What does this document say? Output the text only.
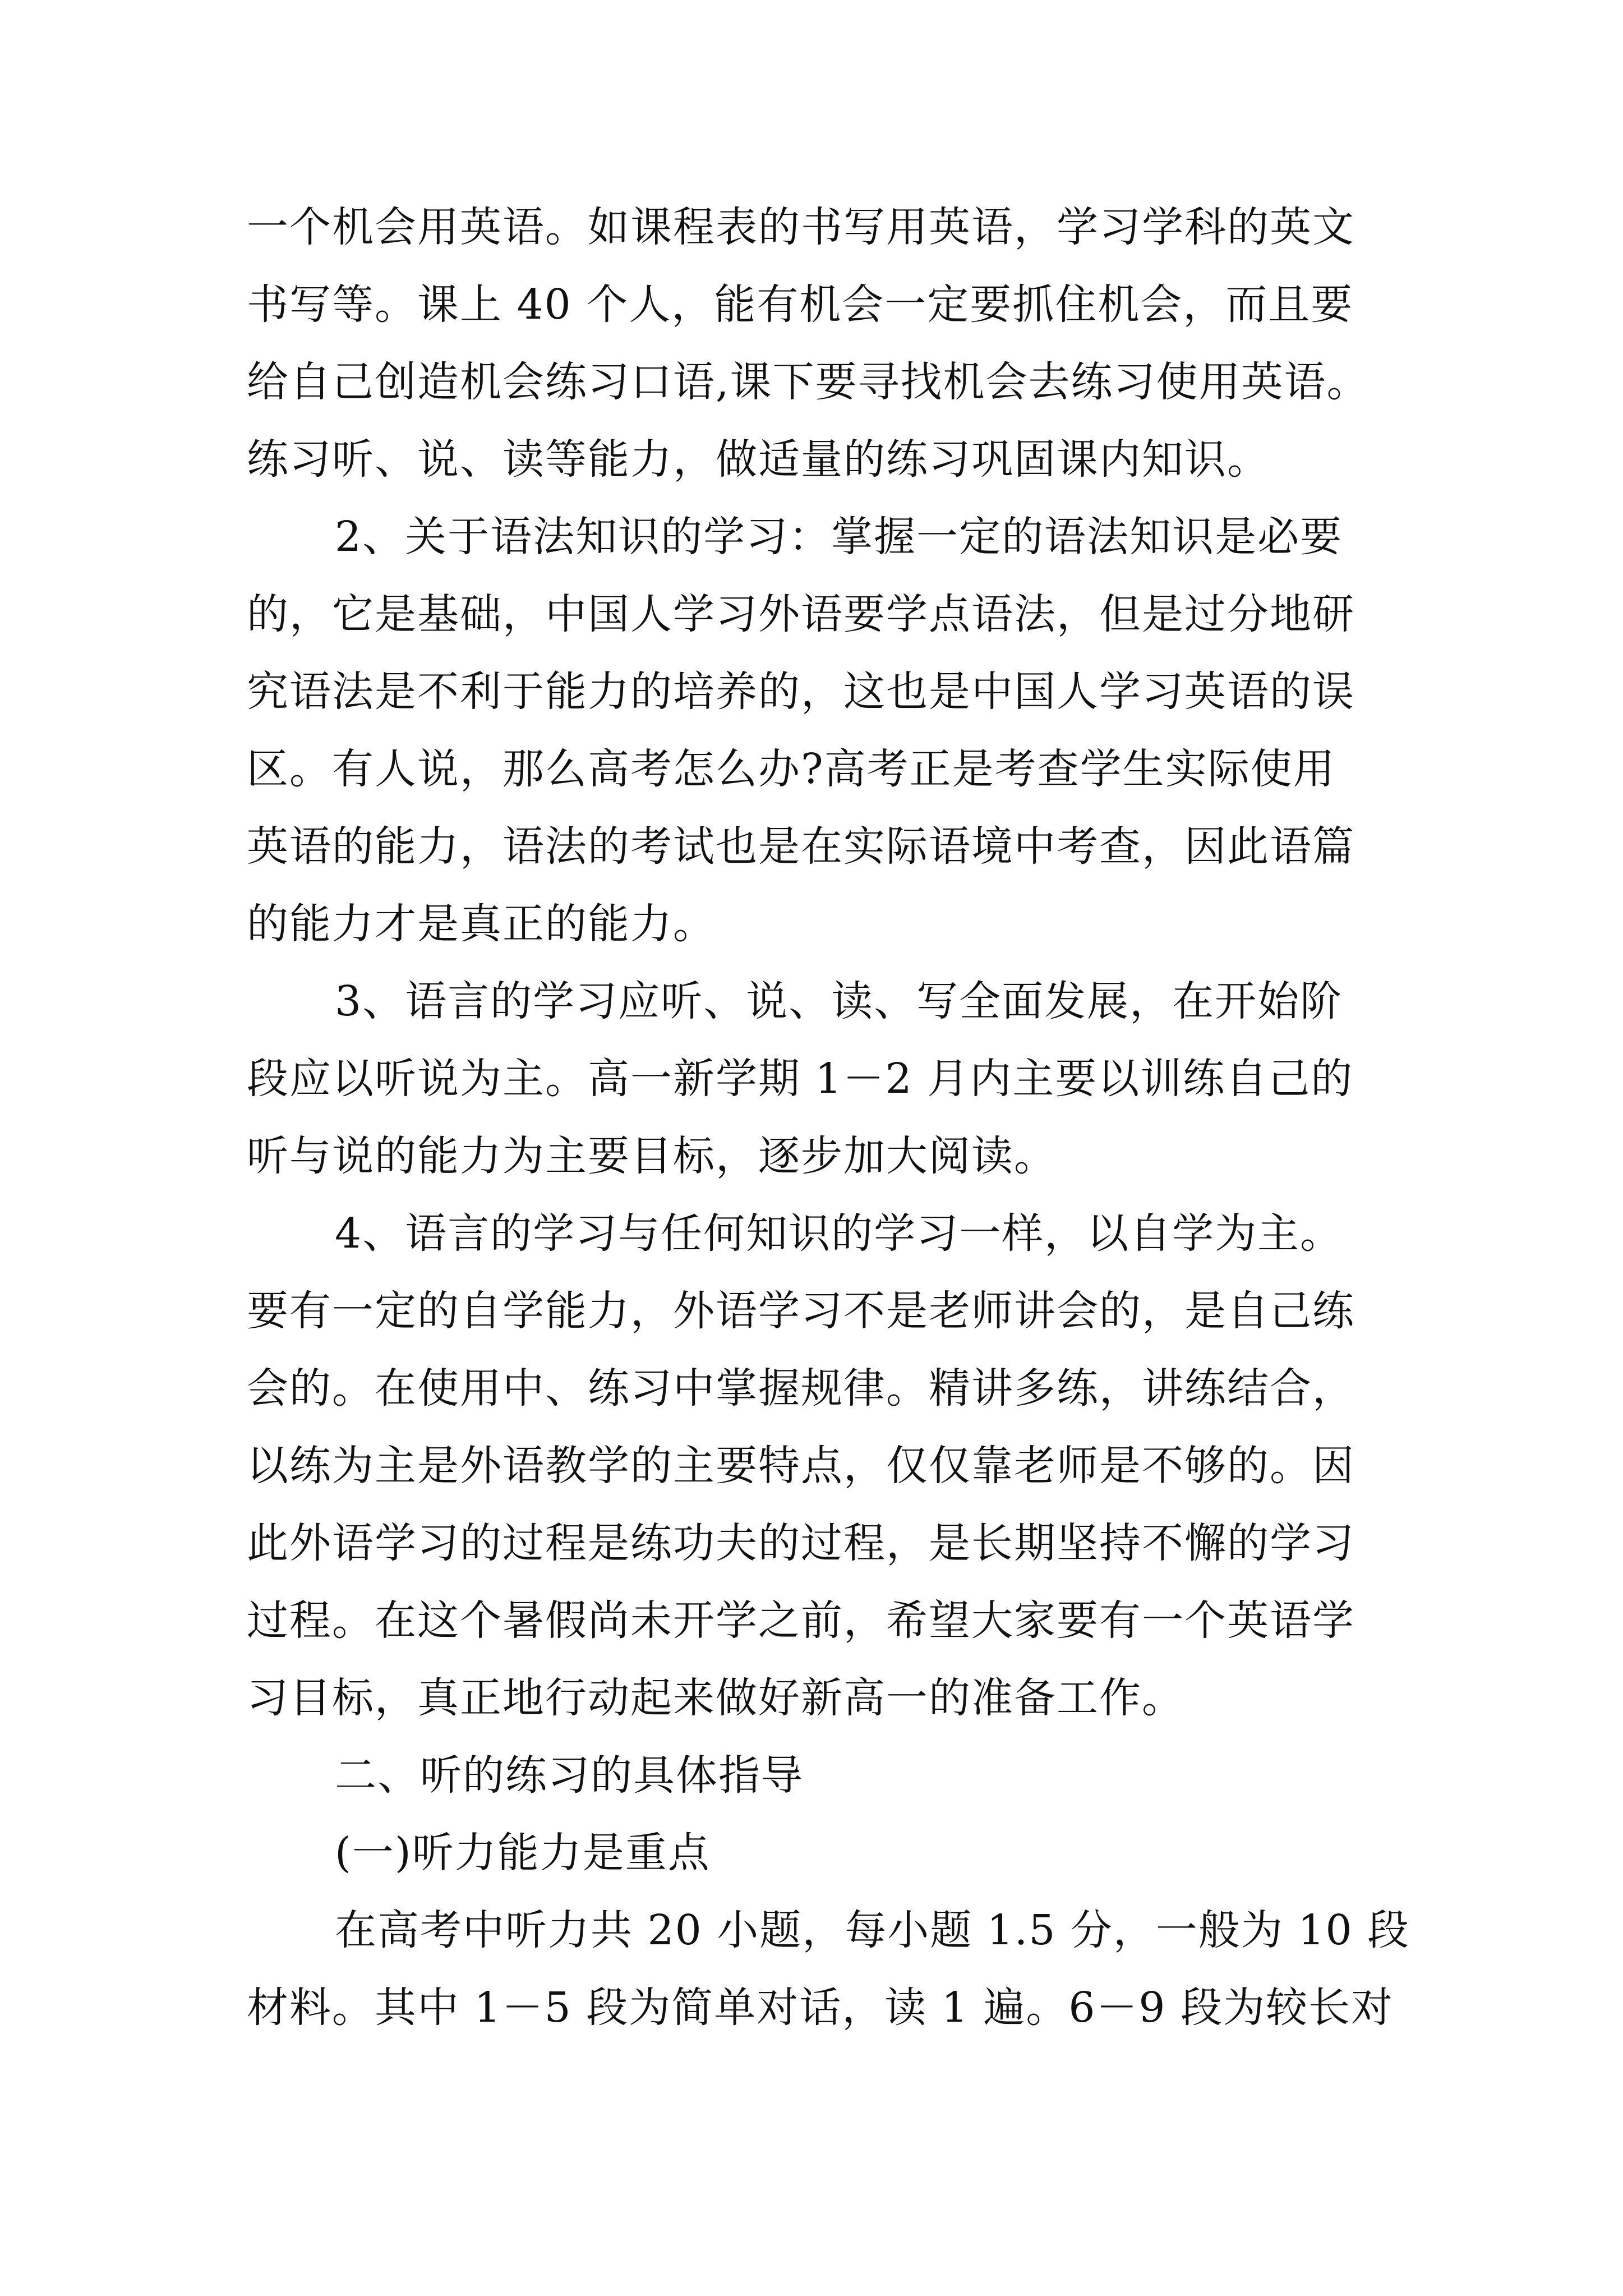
一个机会用英语。如课程表的书写用英语，学习学科的英文
书写等。课上 40 个人，能有机会一定要抓住机会，而且要
给自己创造机会练习口语,课下要寻找机会去练习使用英语。
练习听、说、读等能力，做适量的练习巩固课内知识。
2、关于语法知识的学习：掌握一定的语法知识是必要
的，它是基础，中国人学习外语要学点语法，但是过分地研
究语法是不利于能力的培养的，这也是中国人学习英语的误
区。有人说，那么高考怎么办?高考正是考查学生实际使用
英语的能力，语法的考试也是在实际语境中考查，因此语篇
的能力才是真正的能力。
3、语言的学习应听、说、读、写全面发展，在开始阶
段应以听说为主。高一新学期 1－2 月内主要以训练自己的
听与说的能力为主要目标，逐步加大阅读。
4、语言的学习与任何知识的学习一样，以自学为主。
要有一定的自学能力，外语学习不是老师讲会的，是自己练
会的。在使用中、练习中掌握规律。精讲多练，讲练结合，
以练为主是外语教学的主要特点，仅仅靠老师是不够的。因
此外语学习的过程是练功夫的过程，是长期坚持不懈的学习
过程。在这个暑假尚未开学之前，希望大家要有一个英语学
习目标，真正地行动起来做好新高一的准备工作。
二、听的练习的具体指导
(一)听力能力是重点
在高考中听力共 20 小题，每小题 1.5 分，一般为 10 段
材料。其中 1－5 段为简单对话，读 1 遍。6－9 段为较长对
